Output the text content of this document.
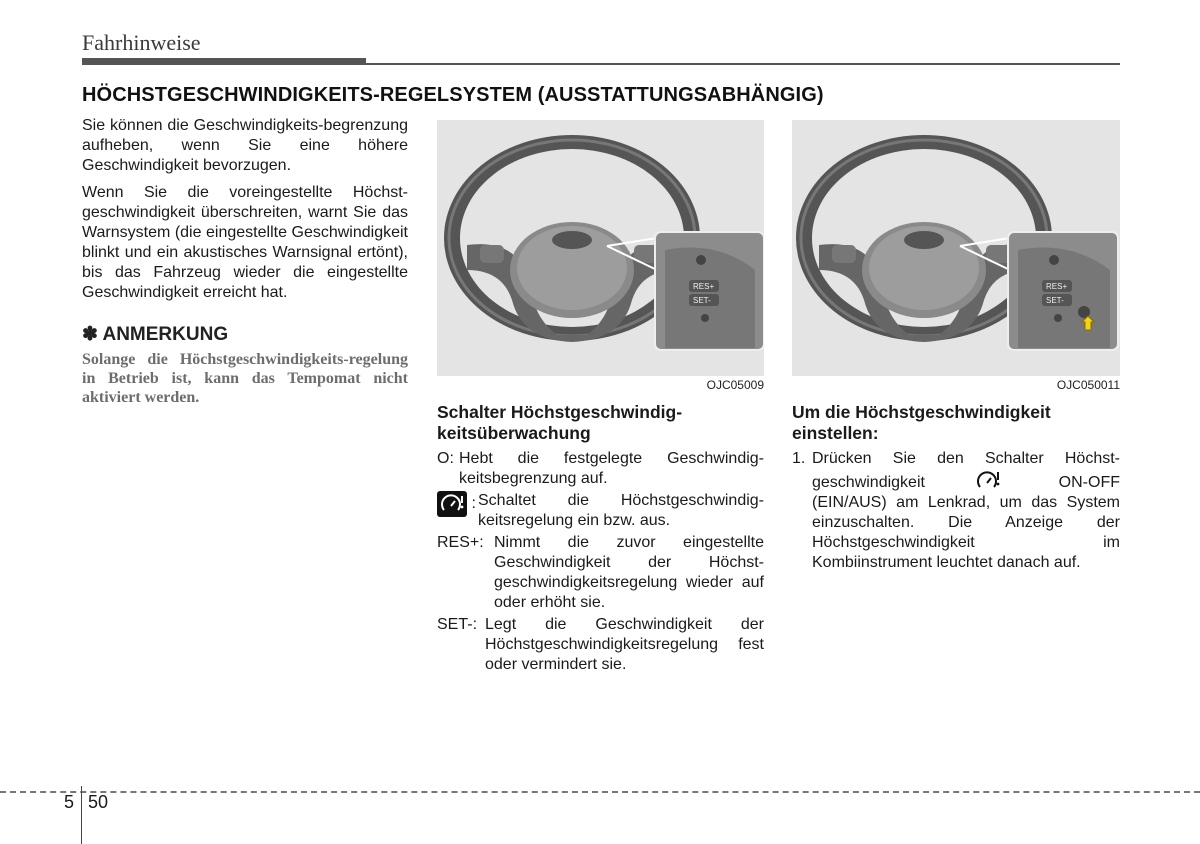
Fahrhinweise
HÖCHSTGESCHWINDIGKEITS-REGELSYSTEM (AUSSTATTUNGSABHÄNGIG)

Sie können die Geschwindigkeits-begrenzung aufheben, wenn Sie eine höhere Geschwindigkeit bevorzugen.

Wenn Sie die voreingestellte Höchst-geschwindigkeit überschreiten, warnt Sie das Warnsystem (die eingestellte Geschwindigkeit blinkt und ein akustisches Warnsignal ertönt), bis das Fahrzeug wieder die eingestellte Geschwindigkeit erreicht hat.

✽ ANMERKUNG
Solange die Höchstgeschwindigkeits-regelung in Betrieb ist, kann das Tempomat nicht aktiviert werden.
RES+
SET-
OJC05009
Schalter Höchstgeschwindig-keitsüberwachung
O: Hebt die festgelegte Geschwindig-keitsbegrenzung auf.
: Schaltet die Höchstgeschwindig-keitsregelung ein bzw. aus.
RES+: Nimmt die zuvor eingestellte Geschwindigkeit der Höchst-geschwindigkeitsregelung wieder auf oder erhöht sie.
SET-: Legt die Geschwindigkeit der Höchstgeschwindigkeitsregelung fest oder vermindert sie.
RES+
SET-
OJC050011
Um die Höchstgeschwindigkeit einstellen:
1. Drücken Sie den Schalter Höchst-geschwindigkeit	ON-OFF (EIN/AUS) am Lenkrad, um das System einzuschalten. Die Anzeige der Höchstgeschwindigkeit im Kombiinstrument leuchtet danach auf.
5 50
